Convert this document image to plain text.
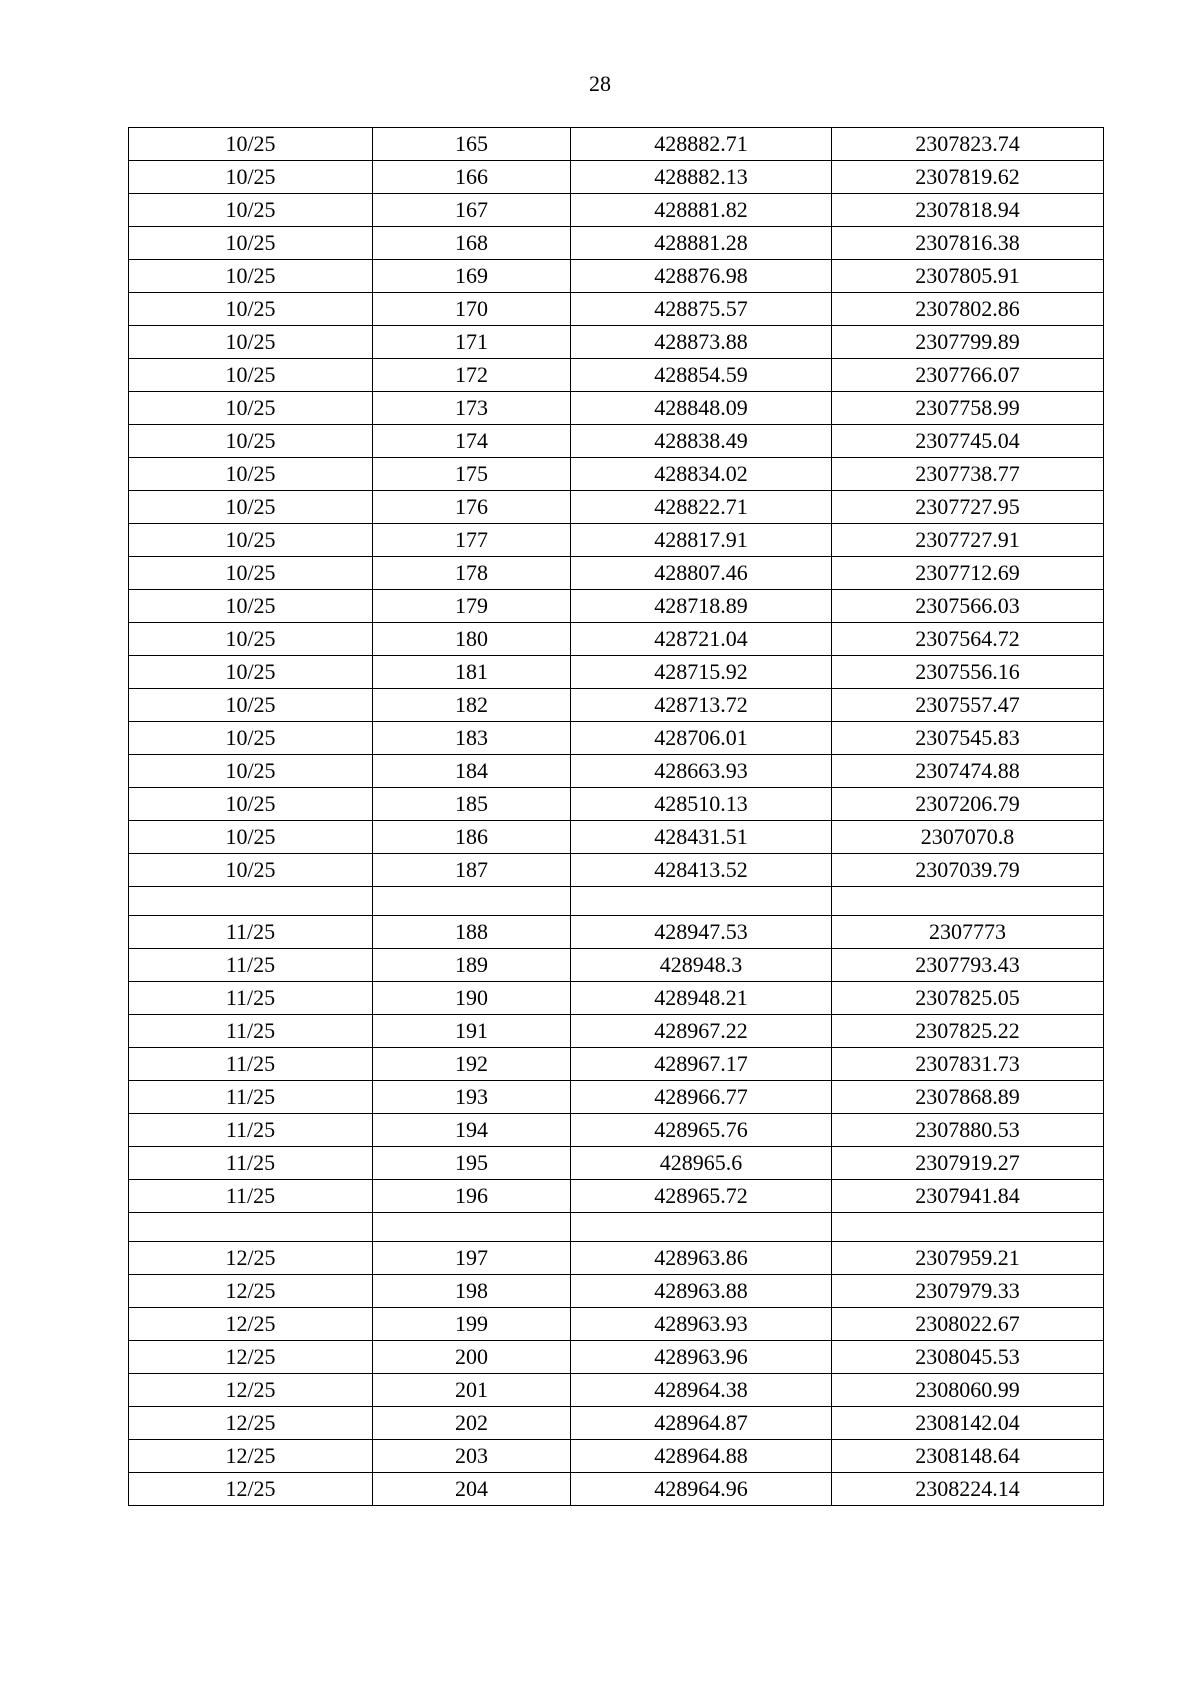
28
10/25	165	428882.71	2307823.74
10/25	166	428882.13	2307819.62
10/25	167	428881.82	2307818.94
10/25	168	428881.28	2307816.38
10/25	169	428876.98	2307805.91
10/25	170	428875.57	2307802.86
10/25	171	428873.88	2307799.89
10/25	172	428854.59	2307766.07
10/25	173	428848.09	2307758.99
10/25	174	428838.49	2307745.04
10/25	175	428834.02	2307738.77
10/25	176	428822.71	2307727.95
10/25	177	428817.91	2307727.91
10/25	178	428807.46	2307712.69
10/25	179	428718.89	2307566.03
10/25	180	428721.04	2307564.72
10/25	181	428715.92	2307556.16
10/25	182	428713.72	2307557.47
10/25	183	428706.01	2307545.83
10/25	184	428663.93	2307474.88
10/25	185	428510.13	2307206.79
10/25	186	428431.51	2307070.8
10/25	187	428413.52	2307039.79

11/25	188	428947.53	2307773
11/25	189	428948.3	2307793.43
11/25	190	428948.21	2307825.05
11/25	191	428967.22	2307825.22
11/25	192	428967.17	2307831.73
11/25	193	428966.77	2307868.89
11/25	194	428965.76	2307880.53
11/25	195	428965.6	2307919.27
11/25	196	428965.72	2307941.84

12/25	197	428963.86	2307959.21
12/25	198	428963.88	2307979.33
12/25	199	428963.93	2308022.67
12/25	200	428963.96	2308045.53
12/25	201	428964.38	2308060.99
12/25	202	428964.87	2308142.04
12/25	203	428964.88	2308148.64
12/25	204	428964.96	2308224.14
